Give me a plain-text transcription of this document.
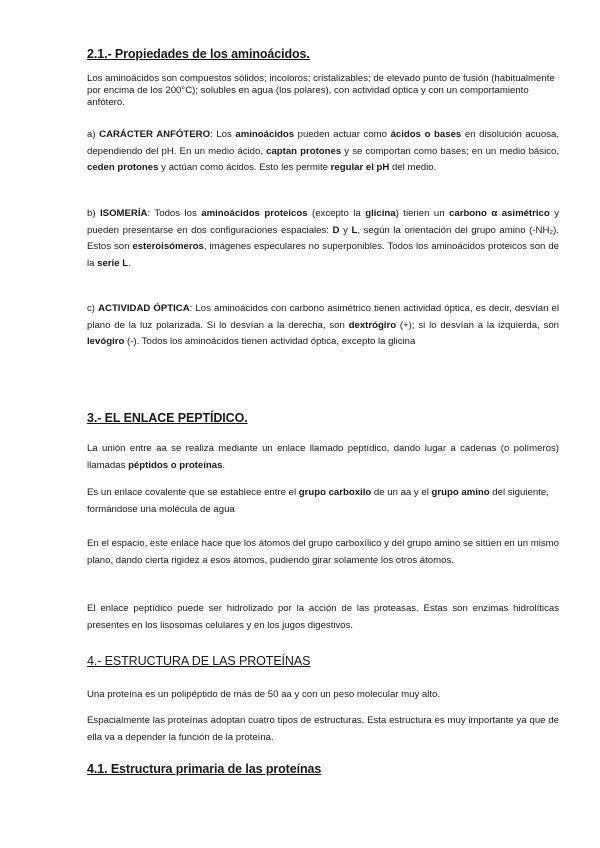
2.1.- Propiedades de los aminoácidos.
Los aminoácidos son compuestos sólidos; incoloros; cristalizables; de elevado punto de fusión (habitualmente por encima de los 200°C); solubles en agua (los polares), con actividad óptica y con un comportamiento anfótero.
a) CARÁCTER ANFÓTERO: Los aminoácidos pueden actuar como ácidos o bases en disolución acuosa, dependiendo del pH. En un medio ácido, captan protones y se comportan como bases; en un medio básico, ceden protones y actúan como ácidos. Esto les permite regular el pH del medio.
b) ISOMERÍA: Todos los aminoácidos proteicos (excepto la glicina) tienen un carbono α asimétrico y pueden presentarse en dos configuraciones espaciales: D y L, según la orientación del grupo amino (-NH₂). Estos son esteroisómeros, imágenes especulares no superponibles. Todos los aminoácidos proteicos son de la serie L.
c) ACTIVIDAD ÓPTICA: Los aminoácidos con carbono asimétrico tienen actividad óptica, es decir, desvían el plano de la luz polarizada. Si lo desvían a la derecha, son dextrógiro (+); si lo desvían a la izquierda, son levógiro (-). Todos los aminoácidos tienen actividad óptica, excepto la glicina
3.- EL ENLACE PEPTÍDICO.
La unión entre aa se realiza mediante un enlace llamado peptídico, dando lugar a cadenas (o polímeros) llamadas péptidos o proteínas.
Es un enlace covalente que se establece entre el grupo carboxilo de un aa y el grupo amino del siguiente, formándose una molécula de agua
En el espacio, este enlace hace que los átomos del grupo carboxílico y del grupo amino se sitúen en un mismo plano, dando cierta rigidez a esos átomos, pudiendo girar solamente los otros átomos.
El enlace peptídico puede ser hidrolizado por la acción de las proteasas. Estas son enzimas hidrolíticas presentes en los lisosomas celulares y en los jugos digestivos.
4.- ESTRUCTURA DE LAS PROTEÍNAS
Una proteína es un polipéptido de más de 50 aa y con un peso molecular muy alto.
Espacialmente las proteínas adoptan cuatro tipos de estructuras. Esta estructura es muy importante ya que de ella va a depender la función de la proteína.
4.1. Estructura primaria de las proteínas
